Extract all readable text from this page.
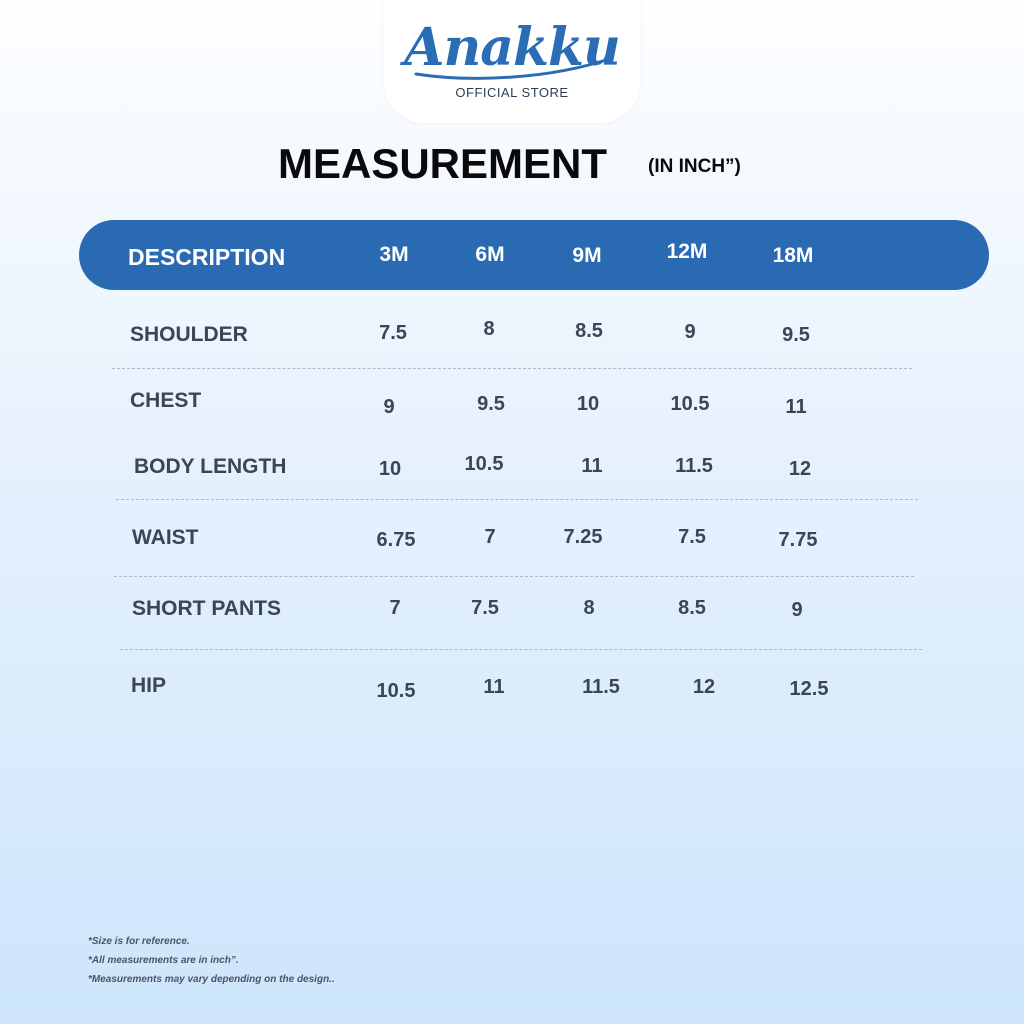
Anakku
OFFICIAL STORE
MEASUREMENT (IN INCH”)
DESCRIPTION	3M	6M	9M	12M	18M
SHOULDER	7.5	8	8.5	9	9.5
CHEST	9	9.5	10	10.5	11
BODY LENGTH	10	10.5	11	11.5	12
WAIST	6.75	7	7.25	7.5	7.75
SHORT PANTS	7	7.5	8	8.5	9
HIP	10.5	11	11.5	12	12.5
*Size is for reference.
*All measurements are in inch”.
*Measurements may vary depending on the design..
